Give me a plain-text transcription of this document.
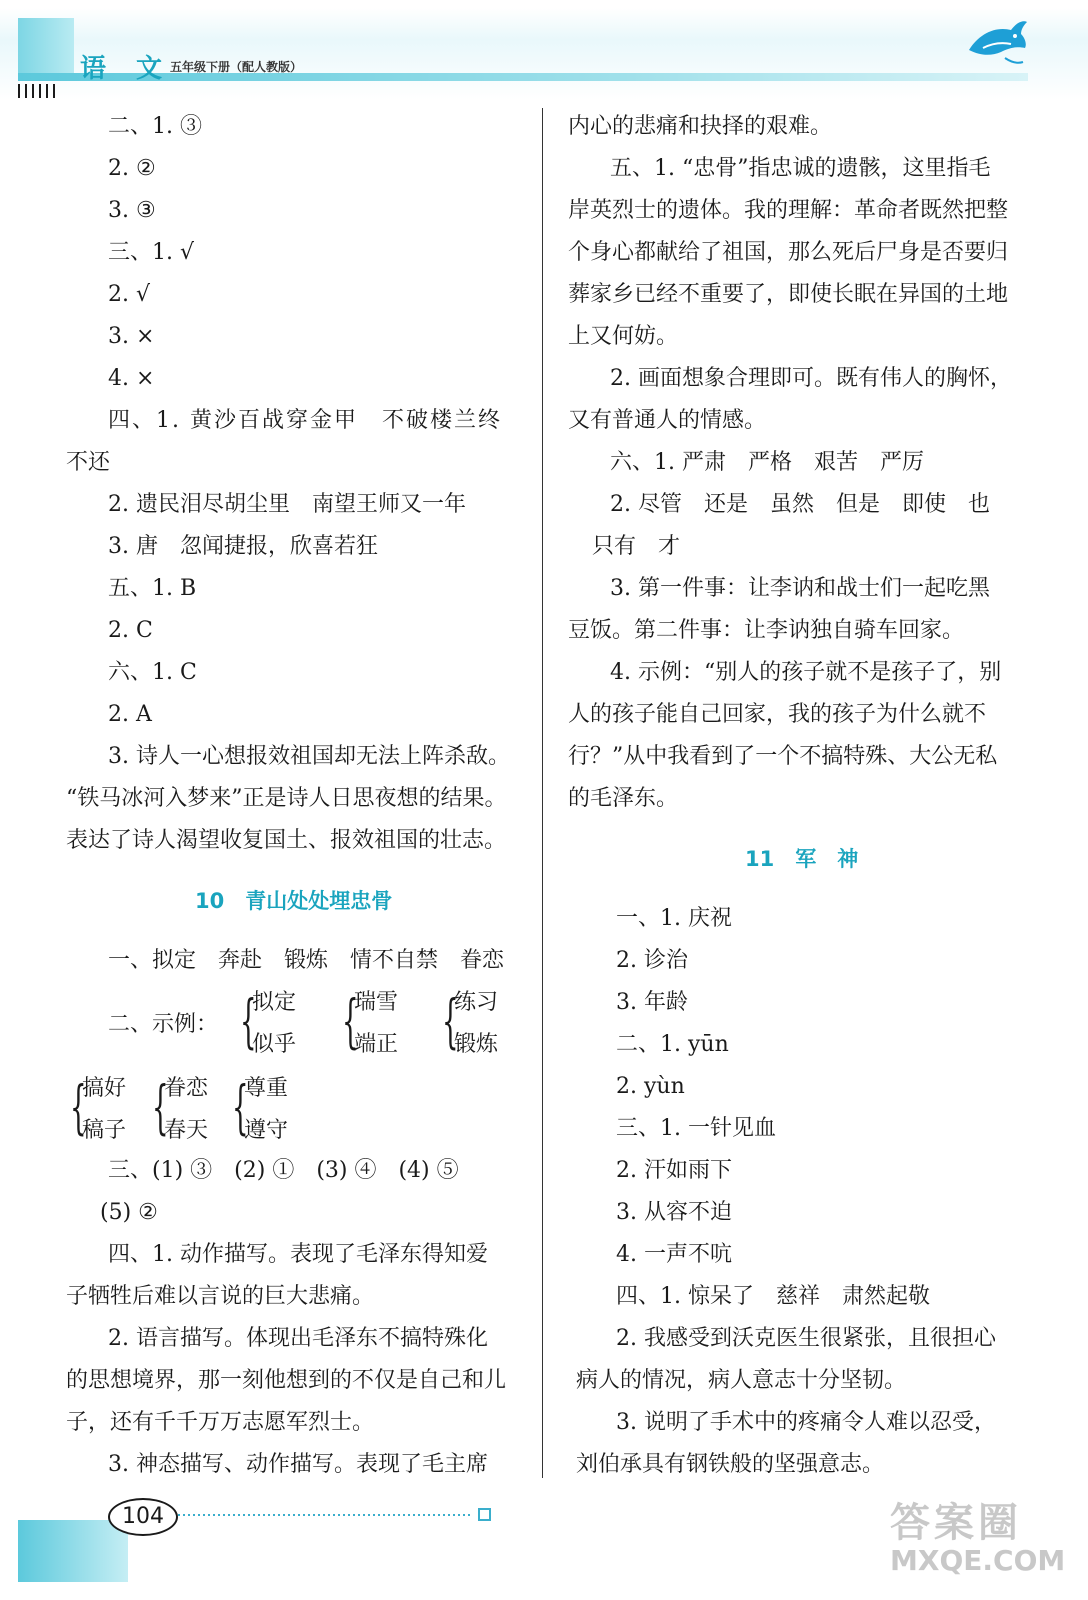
语文
五年级下册（配人教版）
二、1. ③
2. ②
3. ③
三、1. √
2. √
3. ×
4. ×
四、1. 黄沙百战穿金甲　不破楼兰终
不还
2. 遗民泪尽胡尘里　南望王师又一年
3. 唐　忽闻捷报，欣喜若狂
五、1. B
2. C
六、1. C
2. A
3. 诗人一心想报效祖国却无法上阵杀敌。
“铁马冰河入梦来”正是诗人日思夜想的结果。
表达了诗人渴望收复国土、报效祖国的壮志。
10　青山处处埋忠骨
一、拟定　奔赴　锻炼　情不自禁　眷恋
二、示例： {
拟定
似乎 {
瑞雪
端正 {
练习
锻炼
{
搞好
稿子 {
眷恋
春天 {
尊重
遵守
三、(1) ③　(2) ①　(3) ④　(4) ⑤
(5) ②
四、1. 动作描写。表现了毛泽东得知爱
子牺牲后难以言说的巨大悲痛。
2. 语言描写。体现出毛泽东不搞特殊化
的思想境界，那一刻他想到的不仅是自己和儿
子，还有千千万万志愿军烈士。
3. 神态描写、动作描写。表现了毛主席
内心的悲痛和抉择的艰难。
五、1. “忠骨”指忠诚的遗骸，这里指毛
岸英烈士的遗体。我的理解：革命者既然把整
个身心都献给了祖国，那么死后尸身是否要归
葬家乡已经不重要了，即使长眠在异国的土地
上又何妨。
2. 画面想象合理即可。既有伟人的胸怀，
又有普通人的情感。
六、1. 严肃　严格　艰苦　严厉
2. 尽管　还是　虽然　但是　即使　也
只有　才
3. 第一件事：让李讷和战士们一起吃黑
豆饭。第二件事：让李讷独自骑车回家。
4. 示例：“别人的孩子就不是孩子了，别
人的孩子能自己回家，我的孩子为什么就不
行？”从中我看到了一个不搞特殊、大公无私
的毛泽东。
11　军　神
一、1. 庆祝
2. 诊治
3. 年龄
二、1. yūn
2. yùn
三、1. 一针见血
2. 汗如雨下
3. 从容不迫
4. 一声不吭
四、1. 惊呆了　慈祥　肃然起敬
2. 我感受到沃克医生很紧张，且很担心
病人的情况，病人意志十分坚韧。
3. 说明了手术中的疼痛令人难以忍受，
刘伯承具有钢铁般的坚强意志。
104	答案圈
MXQE.COM
